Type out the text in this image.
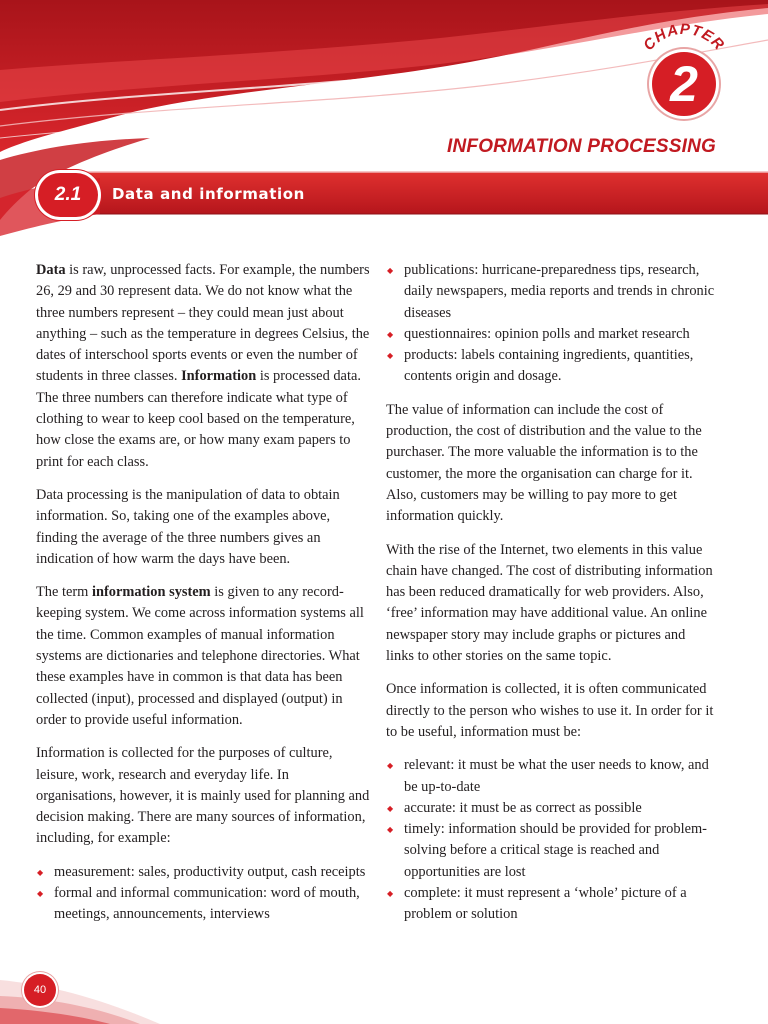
CHAPTER
2
INFORMATION PROCESSING
2.1 Data and information

Data is raw, unprocessed facts. For example, the numbers 26, 29 and 30 represent data. We do not know what the three numbers represent – they could mean just about anything – such as the temperature in degrees Celsius, the dates of interschool sports events or even the number of students in three classes. Information is processed data. The three numbers can therefore indicate what type of clothing to wear to keep cool based on the temperature, how close the exams are, or how many exam papers to print for each class.

Data processing is the manipulation of data to obtain information. So, taking one of the examples above, finding the average of the three numbers gives an indication of how warm the days have been.

The term information system is given to any record-keeping system. We come across information systems all the time. Common examples of manual information systems are dictionaries and telephone directories. What these examples have in common is that data has been collected (input), processed and displayed (output) in order to provide useful information.

Information is collected for the purposes of culture, leisure, work, research and everyday life. In organisations, however, it is mainly used for planning and decision making. There are many sources of information, including, for example:

◆ measurement: sales, productivity output, cash receipts
◆ formal and informal communication: word of mouth, meetings, announcements, interviews
◆ publications: hurricane-preparedness tips, research, daily newspapers, media reports and trends in chronic diseases
◆ questionnaires: opinion polls and market research
◆ products: labels containing ingredients, quantities, contents origin and dosage.

The value of information can include the cost of production, the cost of distribution and the value to the purchaser. The more valuable the information is to the customer, the more the organisation can charge for it. Also, customers may be willing to pay more to get information quickly.

With the rise of the Internet, two elements in this value chain have changed. The cost of distributing information has been reduced dramatically for web providers. Also, ‘free’ information may have additional value. An online newspaper story may include graphs or pictures and links to other stories on the same topic.

Once information is collected, it is often communicated directly to the person who wishes to use it. In order for it to be useful, information must be:

◆ relevant: it must be what the user needs to know, and be up-to-date
◆ accurate: it must be as correct as possible
◆ timely: information should be provided for problem-solving before a critical stage is reached and opportunities are lost
◆ complete: it must represent a ‘whole’ picture of a problem or solution
40
